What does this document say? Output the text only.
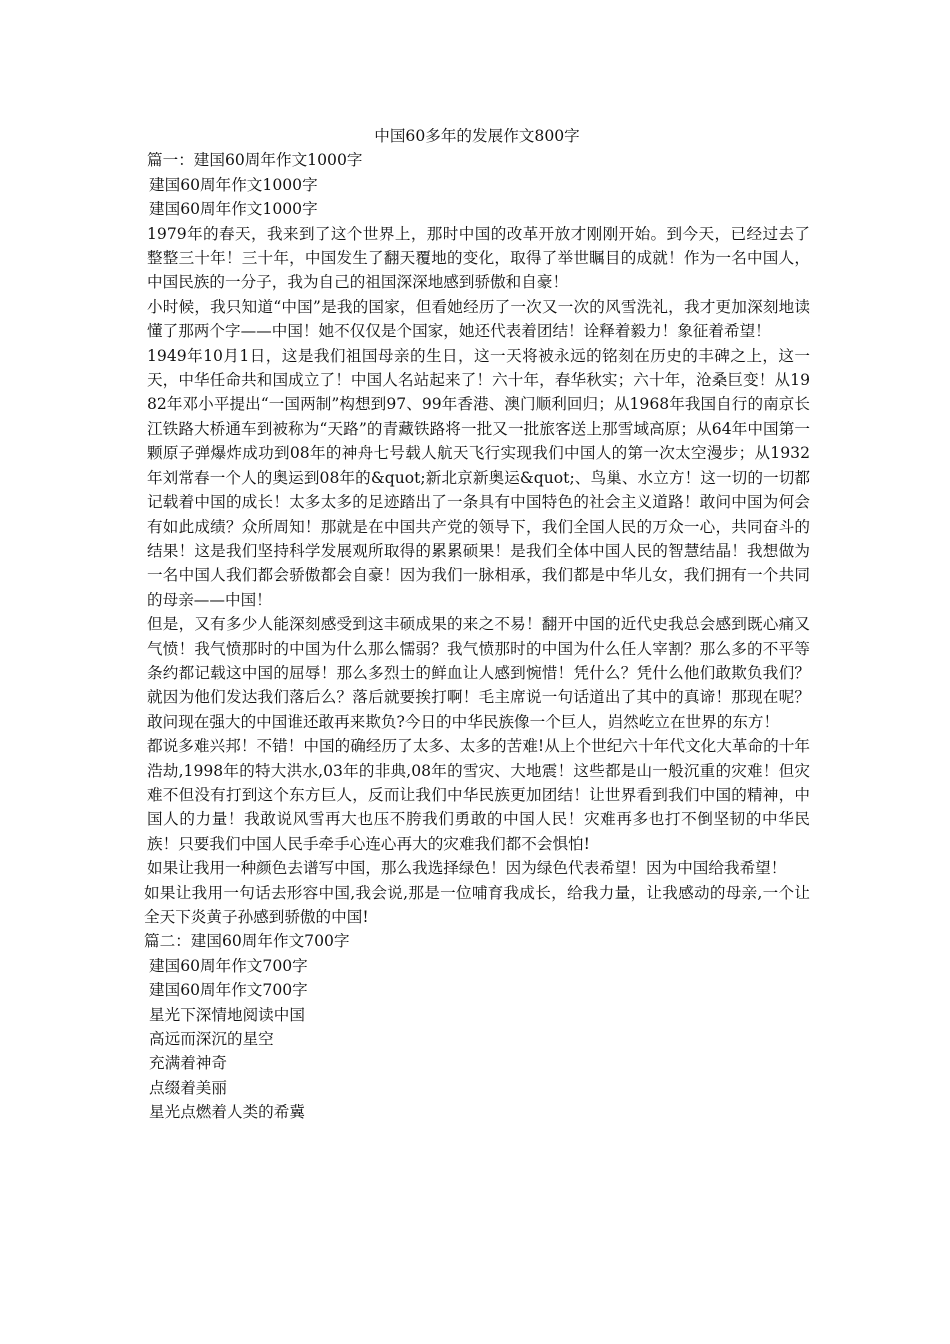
中国60多年的发展作文800字

篇一：建国60周年作文1000字

建国60周年作文1000字

建国60周年作文1000字

1979年的春天，我来到了这个世界上，那时中国的改革开放才刚刚开始。到今天，已经过去了整整三十年！三十年，中国发生了翻天覆地的变化，取得了举世瞩目的成就！作为一名中国人，中国民族的一分子，我为自己的祖国深深地感到骄傲和自豪！

小时候，我只知道“中国”是我的国家，但看她经历了一次又一次的风雪洗礼，我才更加深刻地读懂了那两个字——中国！她不仅仅是个国家，她还代表着团结！诠释着毅力！象征着希望！

1949年10月1日，这是我们祖国母亲的生日，这一天将被永远的铭刻在历史的丰碑之上，这一天，中华任命共和国成立了！中国人名站起来了！六十年，春华秋实；六十年，沧桑巨变！从1982年邓小平提出“一国两制”构想到97、99年香港、澳门顺利回归；从1968年我国自行的南京长江铁路大桥通车到被称为“天路”的青藏铁路将一批又一批旅客送上那雪域高原；从64年中国第一颗原子弹爆炸成功到08年的神舟七号载人航天飞行实现我们中国人的第一次太空漫步；从1932年刘常春一个人的奥运到08年的&quot;新北京新奥运&quot;、鸟巢、水立方！这一切的一切都记载着中国的成长！太多太多的足迹踏出了一条具有中国特色的社会主义道路！敢问中国为何会有如此成绩？众所周知！那就是在中国共产党的领导下，我们全国人民的万众一心，共同奋斗的结果！这是我们坚持科学发展观所取得的累累硕果！是我们全体中国人民的智慧结晶！我想做为一名中国人我们都会骄傲都会自豪！因为我们一脉相承，我们都是中华儿女，我们拥有一个共同的母亲——中国！

但是，又有多少人能深刻感受到这丰硕成果的来之不易！翻开中国的近代史我总会感到既心痛又气愤！我气愤那时的中国为什么那么懦弱？我气愤那时的中国为什么任人宰割？那么多的不平等条约都记载这中国的屈辱！那么多烈士的鲜血让人感到惋惜！凭什么？凭什么他们敢欺负我们？就因为他们发达我们落后么？落后就要挨打啊！毛主席说一句话道出了其中的真谛！那现在呢？敢问现在强大的中国谁还敢再来欺负?今日的中华民族像一个巨人，岿然屹立在世界的东方！

都说多难兴邦！不错！中国的确经历了太多、太多的苦难!从上个世纪六十年代文化大革命的十年浩劫,1998年的特大洪水,03年的非典,08年的雪灾、大地震！这些都是山一般沉重的灾难！但灾难不但没有打到这个东方巨人，反而让我们中华民族更加团结！让世界看到我们中国的精神，中国人的力量！我敢说风雪再大也压不胯我们勇敢的中国人民！灾难再多也打不倒坚韧的中华民族！只要我们中国人民手牵手心连心再大的灾难我们都不会惧怕!

如果让我用一种颜色去谱写中国，那么我选择绿色！因为绿色代表希望！因为中国给我希望！

如果让我用一句话去形容中国,我会说,那是一位哺育我成长，给我力量，让我感动的母亲,一个让全天下炎黄子孙感到骄傲的中国!

篇二：建国60周年作文700字

建国60周年作文700字

建国60周年作文700字

星光下深情地阅读中国

高远而深沉的星空

充满着神奇

点缀着美丽

星光点燃着人类的希冀
